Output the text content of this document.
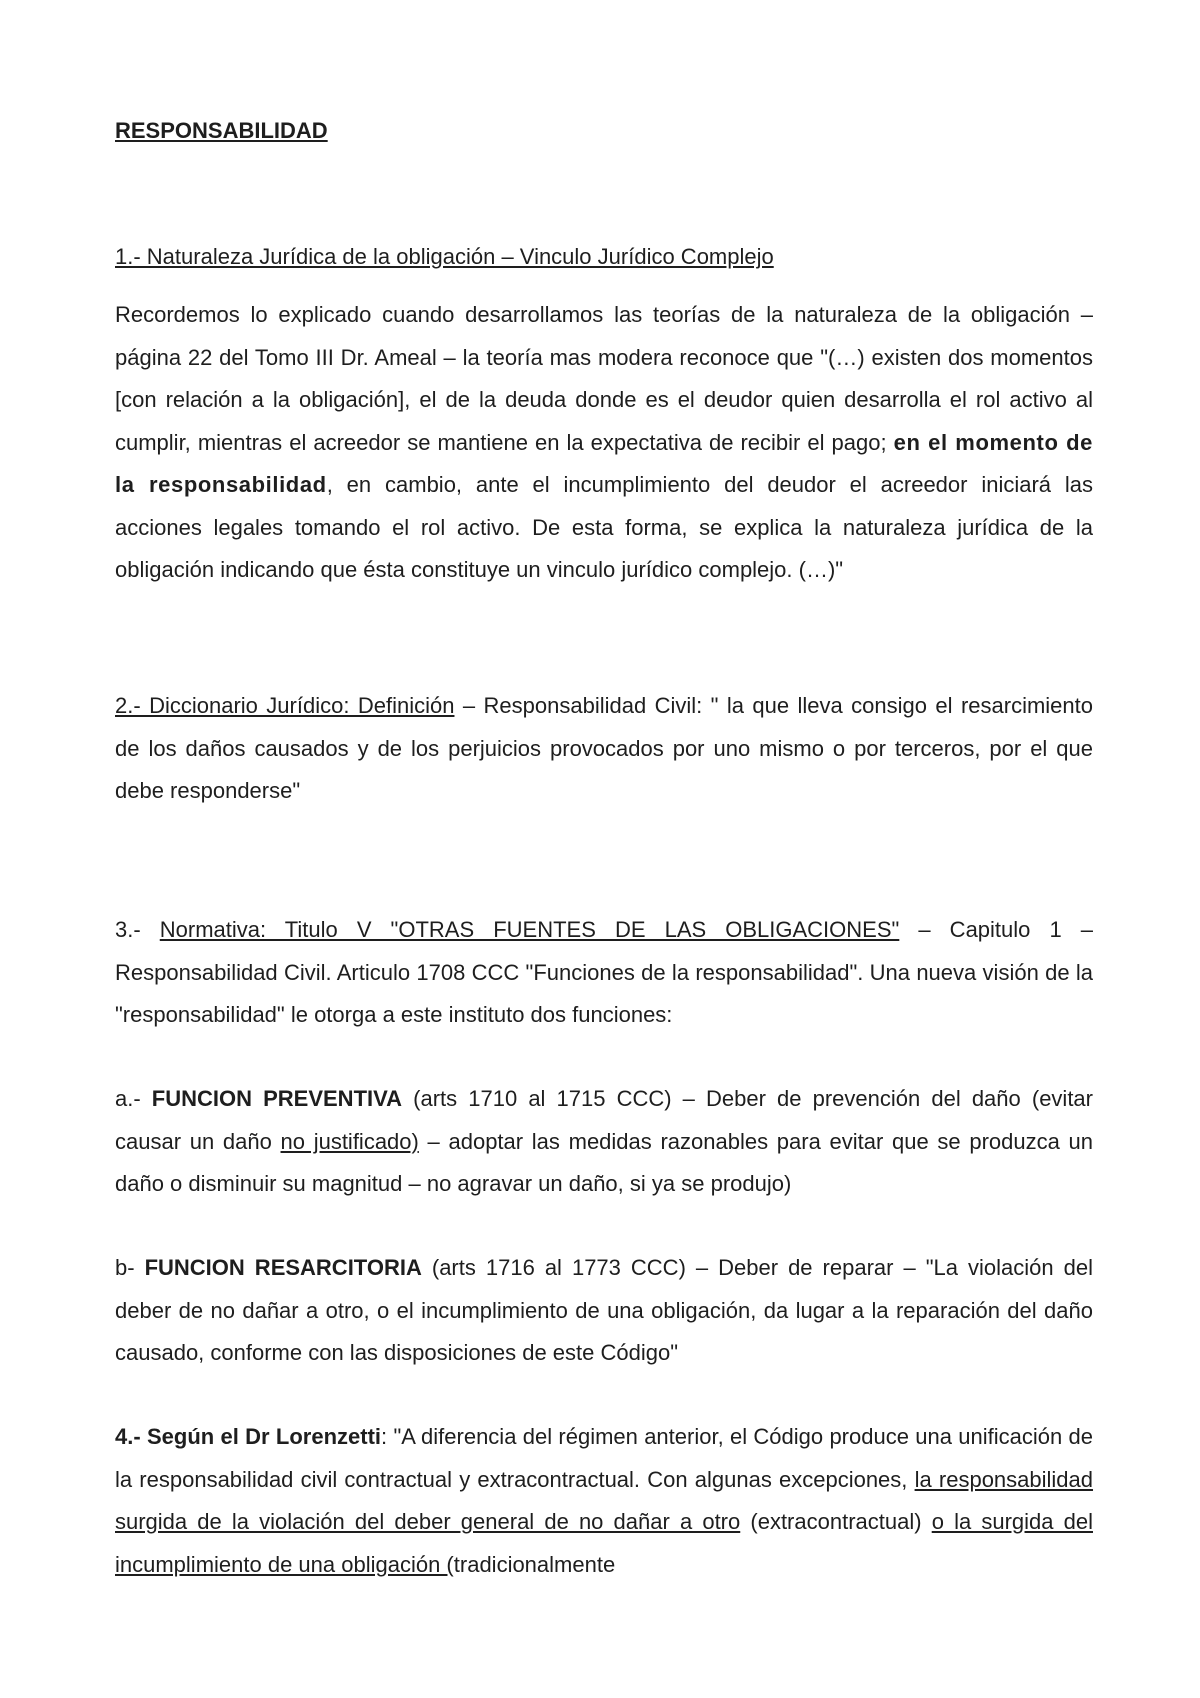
RESPONSABILIDAD

1.- Naturaleza Jurídica de la obligación – Vinculo Jurídico Complejo

Recordemos lo explicado cuando desarrollamos las teorías de la naturaleza de la obligación – página 22 del Tomo III Dr. Ameal – la teoría mas modera reconoce que "(…) existen dos momentos [con relación a la obligación], el de la deuda donde es el deudor quien desarrolla el rol activo al cumplir, mientras el acreedor se mantiene en la expectativa de recibir el pago; en el momento de la responsabilidad, en cambio, ante el incumplimiento del deudor el acreedor iniciará las acciones legales tomando el rol activo. De esta forma, se explica la naturaleza jurídica de la obligación indicando que ésta constituye un vinculo jurídico complejo. (…)"

2.- Diccionario Jurídico: Definición – Responsabilidad Civil: " la que lleva consigo el resarcimiento de los daños causados y de los perjuicios provocados por uno mismo o por terceros, por el que debe responderse"

3.- Normativa: Titulo V "OTRAS FUENTES DE LAS OBLIGACIONES" – Capitulo 1 – Responsabilidad Civil. Articulo 1708 CCC "Funciones de la responsabilidad". Una nueva visión de la "responsabilidad" le otorga a este instituto dos funciones:

a.- FUNCION PREVENTIVA (arts 1710 al 1715 CCC) – Deber de prevención del daño (evitar causar un daño no justificado) – adoptar las medidas razonables para evitar que se produzca un daño o disminuir su magnitud – no agravar un daño, si ya se produjo)

b- FUNCION RESARCITORIA (arts 1716 al 1773 CCC) – Deber de reparar – "La violación del deber de no dañar a otro, o el incumplimiento de una obligación, da lugar a la reparación del daño causado, conforme con las disposiciones de este Código"

4.- Según el Dr Lorenzetti: "A diferencia del régimen anterior, el Código produce una unificación de la responsabilidad civil contractual y extracontractual. Con algunas excepciones, la responsabilidad surgida de la violación del deber general de no dañar a otro (extracontractual) o la surgida del incumplimiento de una obligación (tradicionalmente
